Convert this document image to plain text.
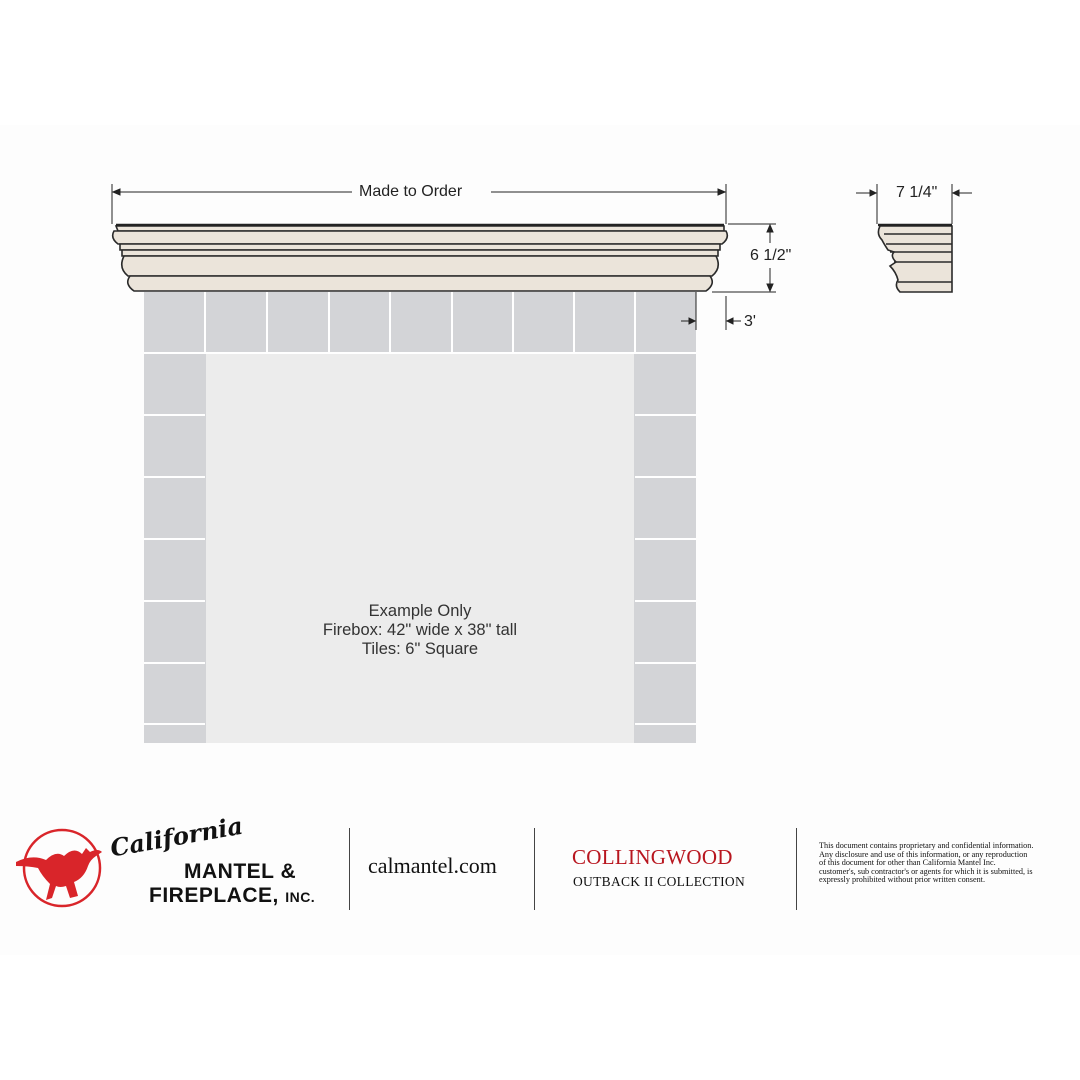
Made to Order
6 1/2"
3'
7 1/4"
Example Only
Firebox: 42" wide x 38" tall
Tiles: 6" Square
California
MANTEL &
FIREPLACE, INC.
calmantel.com	COLLINGWOOD
OUTBACK II COLLECTION
This document contains proprietary and confidential information. Any disclosure and use of this information, or any reproduction of this document for other than California Mantel Inc. customer's, sub contractor's or agents for which it is submitted, is expressly prohibited without prior written consent.
